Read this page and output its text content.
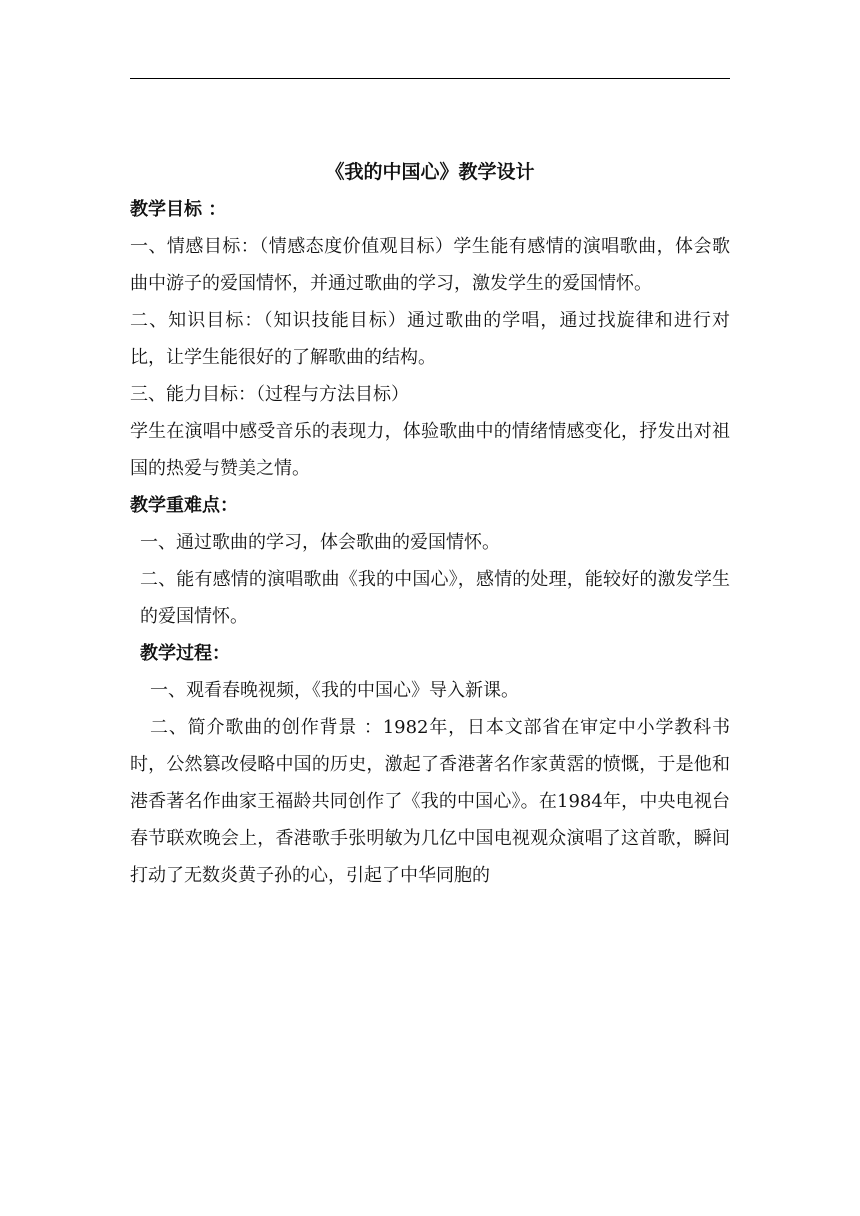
《我的中国心》教学设计

教学目标 ：

一、情感目标：（情感态度价值观目标）学生能有感情的演唱歌曲，体会歌曲中游子的爱国情怀，并通过歌曲的学习，激发学生的爱国情怀。

二、知识目标：（知识技能目标）通过歌曲的学唱，通过找旋律和进行对比，让学生能很好的了解歌曲的结构。

三、能力目标：（过程与方法目标）

学生在演唱中感受音乐的表现力，体验歌曲中的情绪情感变化，抒发出对祖国的热爱与赞美之情。

教学重难点：

一、通过歌曲的学习，体会歌曲的爱国情怀。

二、能有感情的演唱歌曲《我的中国心》，感情的处理，能较好的激发学生的爱国情怀。

教学过程：

一、观看春晚视频，《我的中国心》导入新课。

二、简介歌曲的创作背景 ：1982年，日本文部省在审定中小学教科书时，公然篡改侵略中国的历史，激起了香港著名作家黄霑的愤慨，于是他和港香著名作曲家王福龄共同创作了《我的中国心》。在1984年，中央电视台春节联欢晚会上，香港歌手张明敏为几亿中国电视观众演唱了这首歌，瞬间打动了无数炎黄子孙的心，引起了中华同胞的
